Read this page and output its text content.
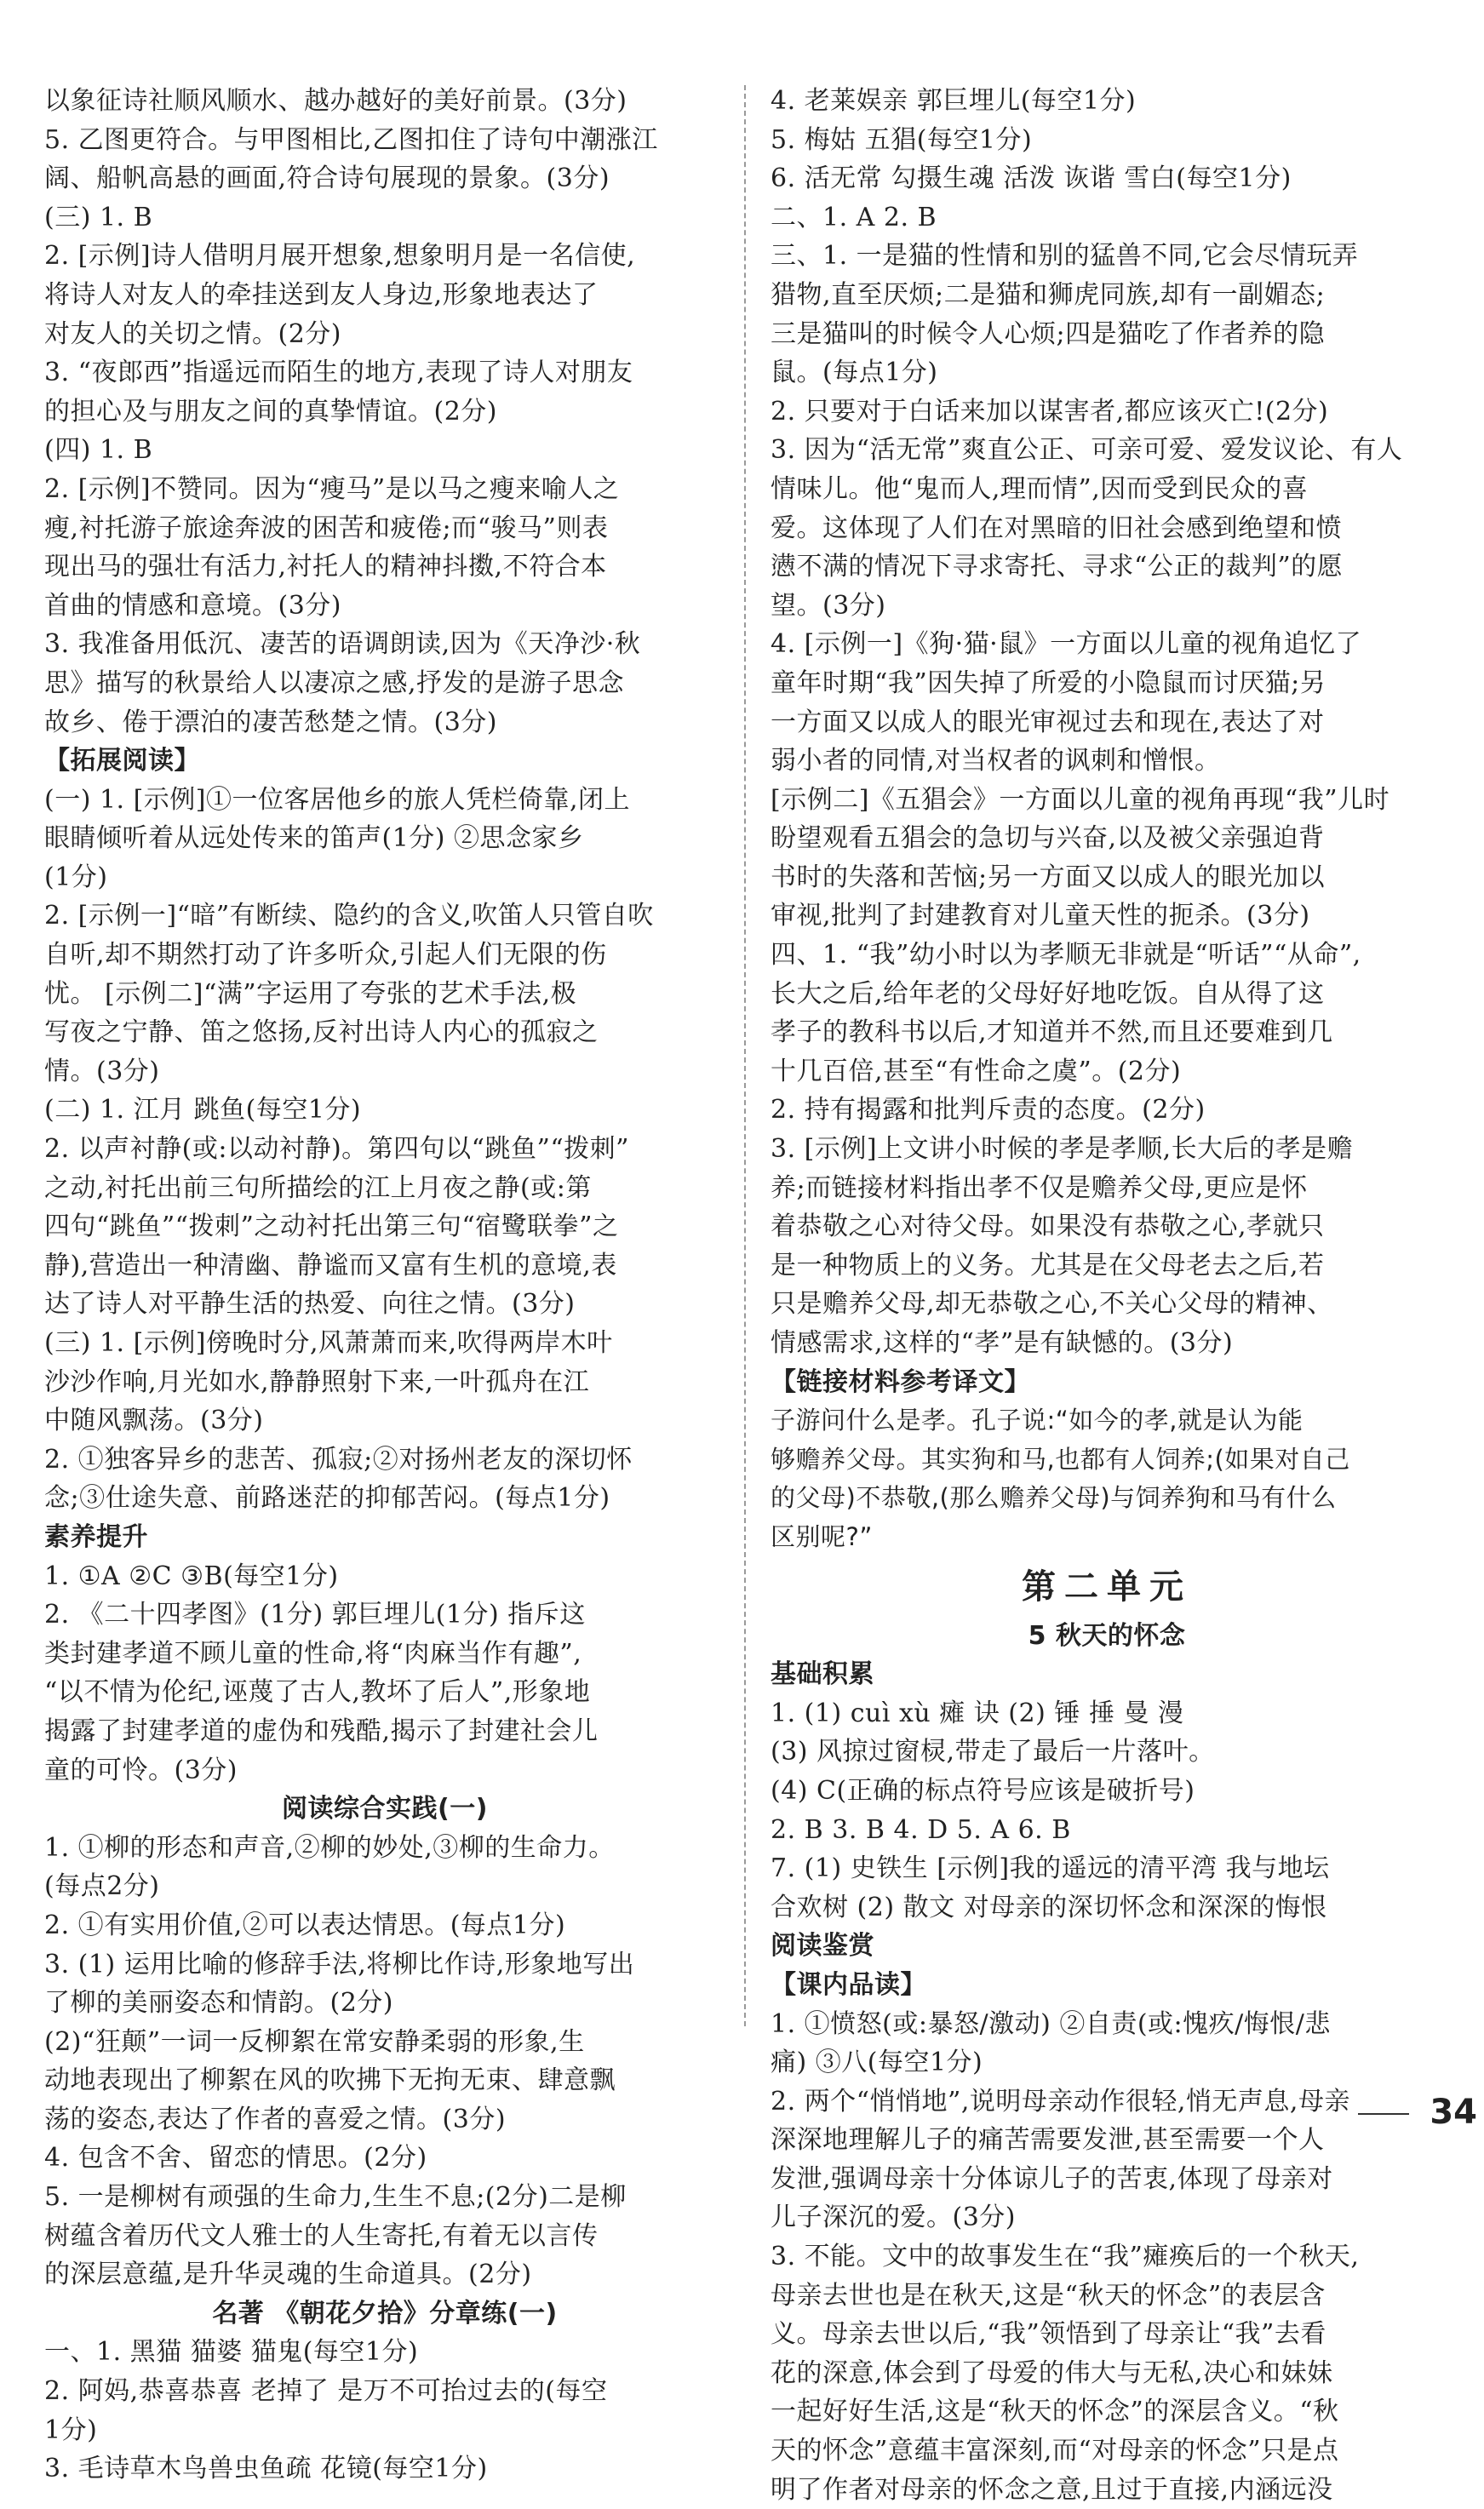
以象征诗社顺风顺水、越办越好的美好前景。(3分)
5. 乙图更符合。与甲图相比,乙图扣住了诗句中潮涨江
阔、船帆高悬的画面,符合诗句展现的景象。(3分)
(三) 1. B
2. [示例]诗人借明月展开想象,想象明月是一名信使,
将诗人对友人的牵挂送到友人身边,形象地表达了
对友人的关切之情。(2分)
3. “夜郎西”指遥远而陌生的地方,表现了诗人对朋友
的担心及与朋友之间的真挚情谊。(2分)
(四) 1. B
2. [示例]不赞同。因为“瘦马”是以马之瘦来喻人之
瘦,衬托游子旅途奔波的困苦和疲倦;而“骏马”则表
现出马的强壮有活力,衬托人的精神抖擞,不符合本
首曲的情感和意境。(3分)
3. 我准备用低沉、凄苦的语调朗读,因为《天净沙·秋
思》描写的秋景给人以凄凉之感,抒发的是游子思念
故乡、倦于漂泊的凄苦愁楚之情。(3分)
【拓展阅读】
(一) 1. [示例]①一位客居他乡的旅人凭栏倚靠,闭上
眼睛倾听着从远处传来的笛声(1分) ②思念家乡
(1分)
2. [示例一]“暗”有断续、隐约的含义,吹笛人只管自吹
自听,却不期然打动了许多听众,引起人们无限的伤
忧。 [示例二]“满”字运用了夸张的艺术手法,极
写夜之宁静、笛之悠扬,反衬出诗人内心的孤寂之
情。(3分)
(二) 1. 江月 跳鱼(每空1分)
2. 以声衬静(或:以动衬静)。第四句以“跳鱼”“拨刺”
之动,衬托出前三句所描绘的江上月夜之静(或:第
四句“跳鱼”“拨刺”之动衬托出第三句“宿鹭联拳”之
静),营造出一种清幽、静谧而又富有生机的意境,表
达了诗人对平静生活的热爱、向往之情。(3分)
(三) 1. [示例]傍晚时分,风萧萧而来,吹得两岸木叶
沙沙作响,月光如水,静静照射下来,一叶孤舟在江
中随风飘荡。(3分)
2. ①独客异乡的悲苦、孤寂;②对扬州老友的深切怀
念;③仕途失意、前路迷茫的抑郁苦闷。(每点1分)
素养提升
1. ①A ②C ③B(每空1分)
2. 《二十四孝图》(1分) 郭巨埋儿(1分) 指斥这
类封建孝道不顾儿童的性命,将“肉麻当作有趣”,
“以不情为伦纪,诬蔑了古人,教坏了后人”,形象地
揭露了封建孝道的虚伪和残酷,揭示了封建社会儿
童的可怜。(3分)
阅读综合实践(一)
1. ①柳的形态和声音,②柳的妙处,③柳的生命力。
(每点2分)
2. ①有实用价值,②可以表达情思。(每点1分)
3. (1) 运用比喻的修辞手法,将柳比作诗,形象地写出
了柳的美丽姿态和情韵。(2分)
(2)“狂颠”一词一反柳絮在常安静柔弱的形象,生
动地表现出了柳絮在风的吹拂下无拘无束、肆意飘
荡的姿态,表达了作者的喜爱之情。(3分)
4. 包含不舍、留恋的情思。(2分)
5. 一是柳树有顽强的生命力,生生不息;(2分)二是柳
树蕴含着历代文人雅士的人生寄托,有着无以言传
的深层意蕴,是升华灵魂的生命道具。(2分)
名著 《朝花夕拾》分章练(一)
一、1. 黑猫 猫婆 猫鬼(每空1分)
2. 阿妈,恭喜恭喜 老掉了 是万不可抬过去的(每空
1分)
3. 毛诗草木鸟兽虫鱼疏 花镜(每空1分)
4. 老莱娱亲 郭巨埋儿(每空1分)
5. 梅姑 五猖(每空1分)
6. 活无常 勾摄生魂 活泼 诙谐 雪白(每空1分)
二、1. A 2. B
三、1. 一是猫的性情和别的猛兽不同,它会尽情玩弄
猎物,直至厌烦;二是猫和狮虎同族,却有一副媚态;
三是猫叫的时候令人心烦;四是猫吃了作者养的隐
鼠。(每点1分)
2. 只要对于白话来加以谋害者,都应该灭亡!(2分)
3. 因为“活无常”爽直公正、可亲可爱、爱发议论、有人
情味儿。他“鬼而人,理而情”,因而受到民众的喜
爱。这体现了人们在对黑暗的旧社会感到绝望和愤
懑不满的情况下寻求寄托、寻求“公正的裁判”的愿
望。(3分)
4. [示例一]《狗·猫·鼠》一方面以儿童的视角追忆了
童年时期“我”因失掉了所爱的小隐鼠而讨厌猫;另
一方面又以成人的眼光审视过去和现在,表达了对
弱小者的同情,对当权者的讽刺和憎恨。
[示例二]《五猖会》一方面以儿童的视角再现“我”儿时
盼望观看五猖会的急切与兴奋,以及被父亲强迫背
书时的失落和苦恼;另一方面又以成人的眼光加以
审视,批判了封建教育对儿童天性的扼杀。(3分)
四、1. “我”幼小时以为孝顺无非就是“听话”“从命”,
长大之后,给年老的父母好好地吃饭。自从得了这
孝子的教科书以后,才知道并不然,而且还要难到几
十几百倍,甚至“有性命之虞”。(2分)
2. 持有揭露和批判斥责的态度。(2分)
3. [示例]上文讲小时候的孝是孝顺,长大后的孝是赡
养;而链接材料指出孝不仅是赡养父母,更应是怀
着恭敬之心对待父母。如果没有恭敬之心,孝就只
是一种物质上的义务。尤其是在父母老去之后,若
只是赡养父母,却无恭敬之心,不关心父母的精神、
情感需求,这样的“孝”是有缺憾的。(3分)
【链接材料参考译文】
子游问什么是孝。孔子说:“如今的孝,就是认为能
够赡养父母。其实狗和马,也都有人饲养;(如果对自己
的父母)不恭敬,(那么赡养父母)与饲养狗和马有什么
区别呢?”
第二单元
5 秋天的怀念
基础积累
1. (1) cuì xù 瘫 诀 (2) 锤 捶 曼 漫
(3) 风掠过窗棂,带走了最后一片落叶。
(4) C(正确的标点符号应该是破折号)
2. B 3. B 4. D 5. A 6. B
7. (1) 史铁生 [示例]我的遥远的清平湾 我与地坛
合欢树 (2) 散文 对母亲的深切怀念和深深的悔恨
阅读鉴赏
【课内品读】
1. ①愤怒(或:暴怒/激动) ②自责(或:愧疚/悔恨/悲
痛) ③八(每空1分)
2. 两个“悄悄地”,说明母亲动作很轻,悄无声息,母亲
深深地理解儿子的痛苦需要发泄,甚至需要一个人
发泄,强调母亲十分体谅儿子的苦衷,体现了母亲对
儿子深沉的爱。(3分)
3. 不能。文中的故事发生在“我”瘫痪后的一个秋天,
母亲去世也是在秋天,这是“秋天的怀念”的表层含
义。母亲去世以后,“我”领悟到了母亲让“我”去看
花的深意,体会到了母爱的伟大与无私,决心和妹妹
一起好好生活,这是“秋天的怀念”的深层含义。“秋
天的怀念”意蕴丰富深刻,而“对母亲的怀念”只是点
明了作者对母亲的怀念之意,且过于直接,内涵远没
34
